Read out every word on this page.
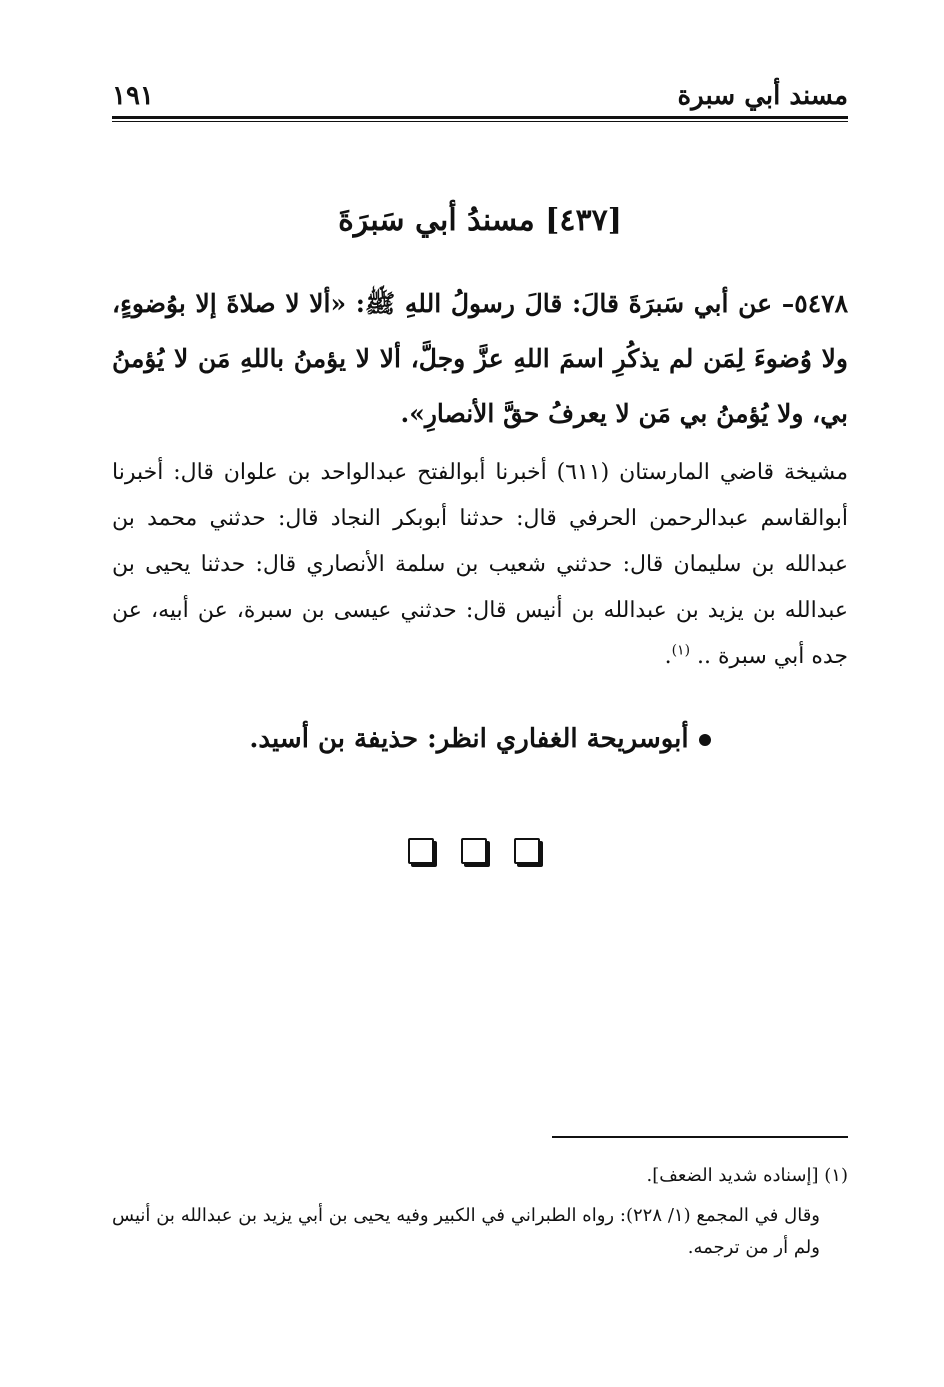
مسند أبي سبرة
١٩١
[٤٣٧] مسندُ أبي سَبرَةَ
٥٤٧٨– عن أبي سَبرَةَ قالَ: قالَ رسولُ اللهِ ﷺ: «ألا لا صلاةَ إلا بوُضوءٍ، ولا وُضوءَ لِمَن لم يذكُرِ اسمَ اللهِ عزَّ وجلَّ، ألا لا يؤمنُ باللهِ مَن لا يُؤمنُ بي، ولا يُؤمنُ بي مَن لا يعرفُ حقَّ الأنصارِ».
مشيخة قاضي المارستان (٦١١) أخبرنا أبوالفتح عبدالواحد بن علوان قال: أخبرنا أبوالقاسم عبدالرحمن الحرفي قال: حدثنا أبوبكر النجاد قال: حدثني محمد بن عبدالله بن سليمان قال: حدثني شعيب بن سلمة الأنصاري قال: حدثنا يحيى بن عبدالله بن يزيد بن عبدالله بن أنيس قال: حدثني عيسى بن سبرة، عن أبيه، عن جده أبي سبرة .. $^{(١)}$.
أبوسريحة الغفاري انظر: حذيفة بن أسيد.

(١) [إسناده شديد الضعف].

وقال في المجمع (١/ ٢٢٨): رواه الطبراني في الكبير وفيه يحيى بن أبي يزيد بن عبدالله بن أنيس ولم أر من ترجمه.
